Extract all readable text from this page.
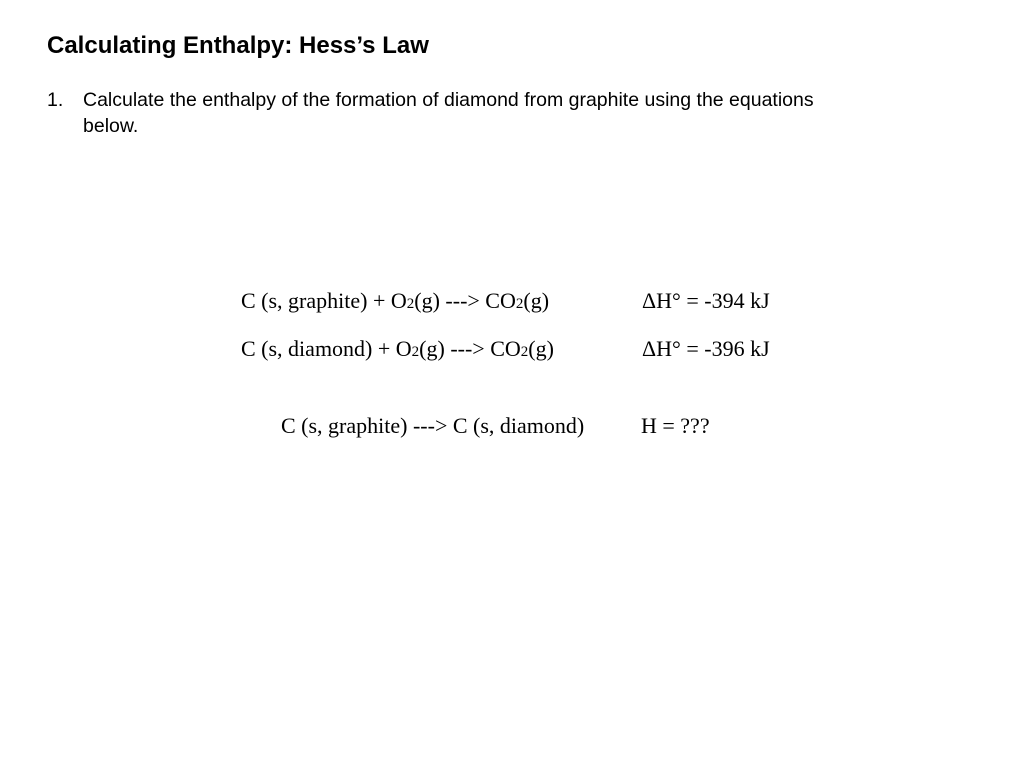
Calculating Enthalpy: Hess’s Law
1. Calculate the enthalpy of the formation of diamond from graphite using the equations below.
C (s, graphite) + O2(g) ---> CO2(g)	ΔH° = -394 kJ
C (s, diamond) + O2(g) ---> CO2(g)	ΔH° = -396 kJ
C (s, graphite) ---> C (s, diamond)	H = ???
